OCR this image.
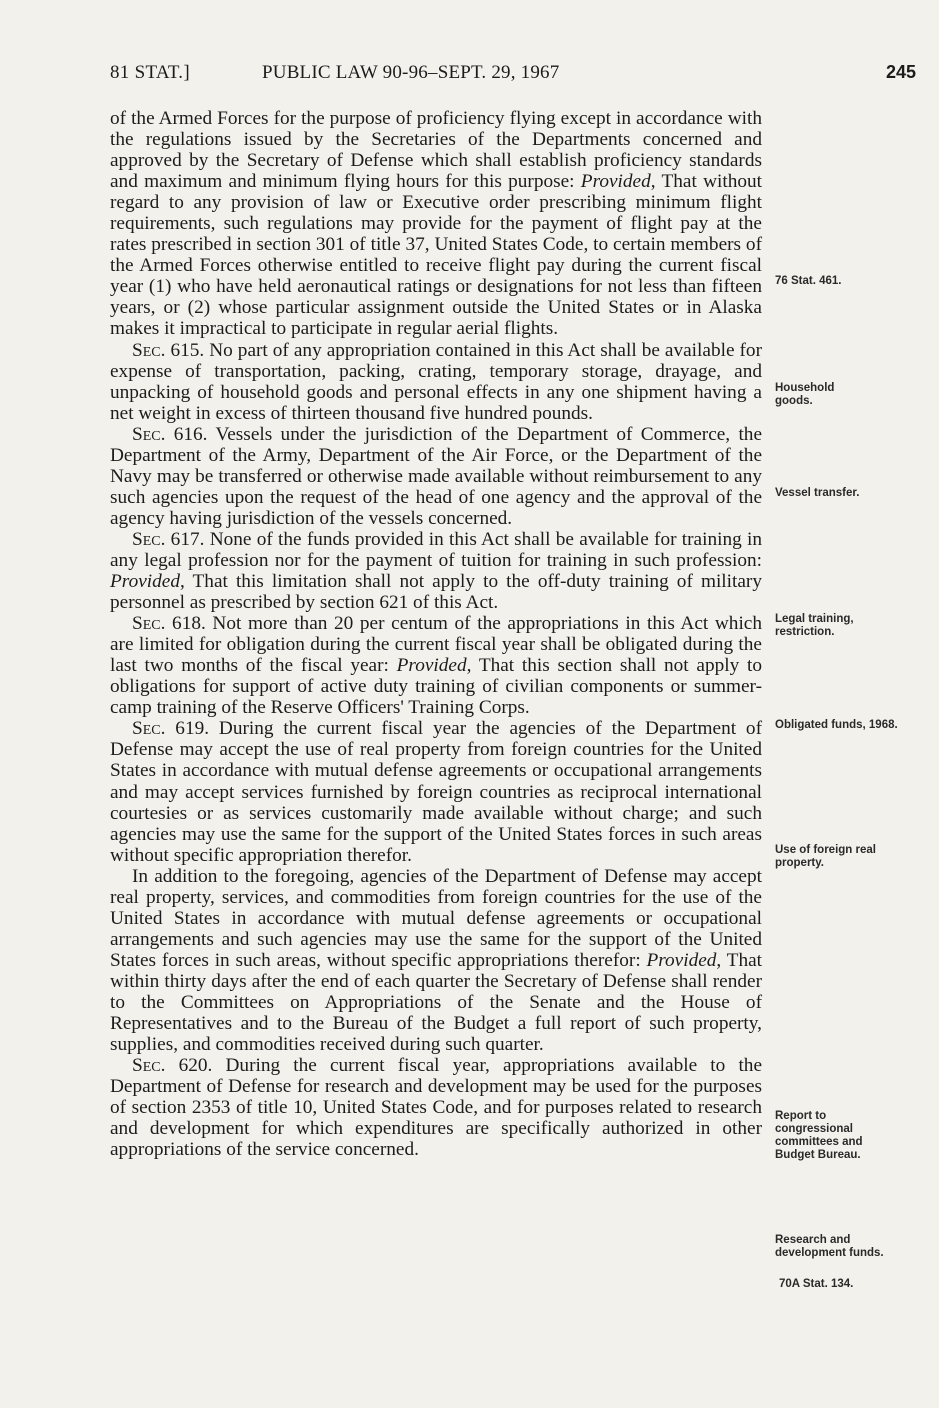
81 STAT.]	PUBLIC LAW 90-96–SEPT. 29, 1967	245

of the Armed Forces for the purpose of proficiency flying except in accordance with the regulations issued by the Secretaries of the Departments concerned and approved by the Secretary of Defense which shall establish proficiency standards and maximum and minimum flying hours for this purpose: Provided, That without regard to any provision of law or Executive order prescribing minimum flight requirements, such regulations may provide for the payment of flight pay at the rates prescribed in section 301 of title 37, United States Code, to certain members of the Armed Forces otherwise entitled to receive flight pay during the current fiscal year (1) who have held aeronautical ratings or designations for not less than fifteen years, or (2) whose particular assignment outside the United States or in Alaska makes it impractical to participate in regular aerial flights.

Sec. 615. No part of any appropriation contained in this Act shall be available for expense of transportation, packing, crating, temporary storage, drayage, and unpacking of household goods and personal effects in any one shipment having a net weight in excess of thirteen thousand five hundred pounds.

Sec. 616. Vessels under the jurisdiction of the Department of Commerce, the Department of the Army, Department of the Air Force, or the Department of the Navy may be transferred or otherwise made available without reimbursement to any such agencies upon the request of the head of one agency and the approval of the agency having jurisdiction of the vessels concerned.

Sec. 617. None of the funds provided in this Act shall be available for training in any legal profession nor for the payment of tuition for training in such profession: Provided, That this limitation shall not apply to the off-duty training of military personnel as prescribed by section 621 of this Act.

Sec. 618. Not more than 20 per centum of the appropriations in this Act which are limited for obligation during the current fiscal year shall be obligated during the last two months of the fiscal year: Provided, That this section shall not apply to obligations for support of active duty training of civilian components or summer-camp training of the Reserve Officers' Training Corps.

Sec. 619. During the current fiscal year the agencies of the Department of Defense may accept the use of real property from foreign countries for the United States in accordance with mutual defense agreements or occupational arrangements and may accept services furnished by foreign countries as reciprocal international courtesies or as services customarily made available without charge; and such agencies may use the same for the support of the United States forces in such areas without specific appropriation therefor.

In addition to the foregoing, agencies of the Department of Defense may accept real property, services, and commodities from foreign countries for the use of the United States in accordance with mutual defense agreements or occupational arrangements and such agencies may use the same for the support of the United States forces in such areas, without specific appropriations therefor: Provided, That within thirty days after the end of each quarter the Secretary of Defense shall render to the Committees on Appropriations of the Senate and the House of Representatives and to the Bureau of the Budget a full report of such property, supplies, and commodities received during such quarter.

Sec. 620. During the current fiscal year, appropriations available to the Department of Defense for research and development may be used for the purposes of section 2353 of title 10, United States Code, and for purposes related to research and development for which expenditures are specifically authorized in other appropriations of the service concerned.

76 Stat. 461.
Household goods.
Vessel transfer.
Legal training, restriction.
Obligated funds, 1968.
Use of foreign real property.
Report to congressional committees and Budget Bureau.
Research and development funds.
70A Stat. 134.
